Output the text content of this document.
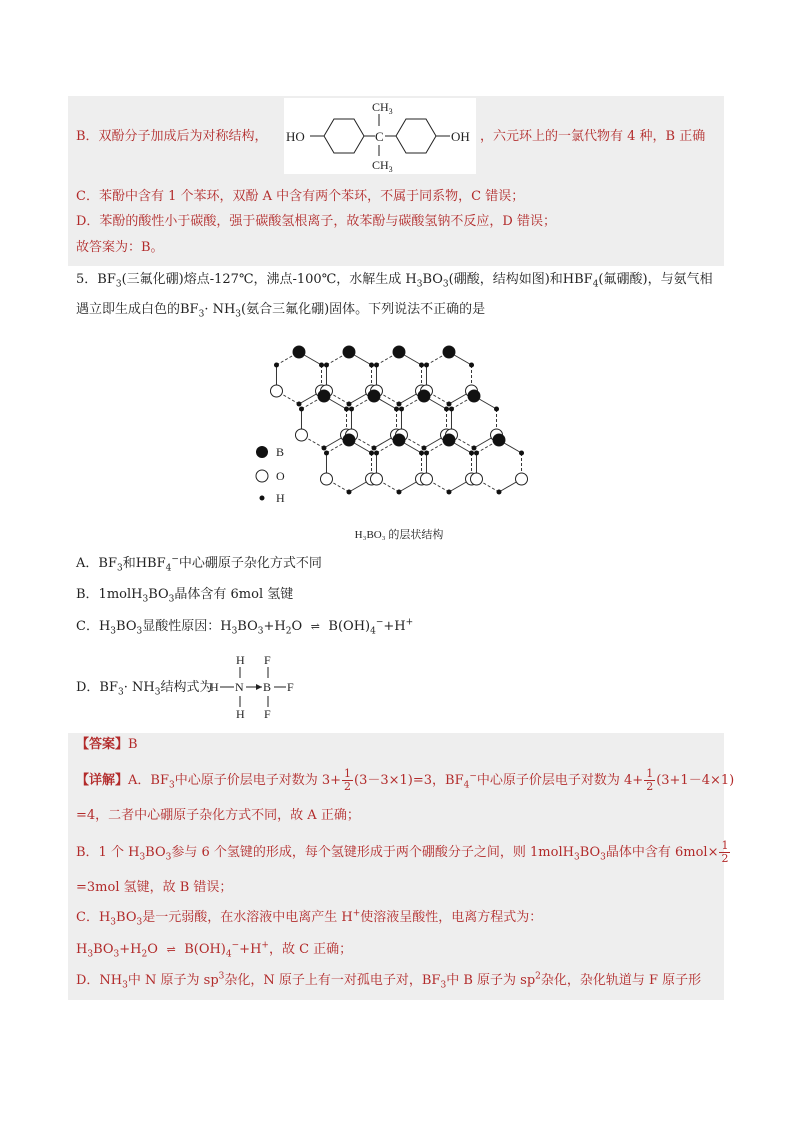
B．双酚分子加成后为对称结构， HO	C
$CH_3$
$CH_3$
OH ，六元环上的一氯代物有 4 种，B 正确
C．苯酚中含有 1 个苯环，双酚 A 中含有两个苯环，不属于同系物，C 错误；
D．苯酚的酸性小于碳酸，强于碳酸氢根离子，故苯酚与碳酸氢钠不反应，D 错误；
故答案为：B。
5．$BF_3$(三氟化硼)熔点-127℃，沸点-100℃，水解生成 $H_3BO_3$(硼酸，结构如图)和$HBF_4$(氟硼酸)，与氨气相
遇立即生成白色的$BF_3\cdot NH_3$(氨合三氟化硼)固体。下列说法不正确的是
B
O
H
H₃BO₃ 的层状结构
A．$BF_3$和$HBF_4^-$中心硼原子杂化方式不同
B．$1molH_3BO_3$晶体含有 6mol 氢键
C．$H_3BO_3$显酸性原因：$H_3BO_3+H_2O$ ⇌ $B(OH)_4^-+H^+$
D．$BF_3\cdot NH_3$结构式为
H
H N B F
F
H F
【答案】B
【详解】A．$BF_3$中心原子价层电子对数为 $3+ \frac{1}{2} (3-3\times 1)=3$，$BF_4^-$中心原子价层电子对数为 $4+ \frac{1}{2} (3+1-4\times 1)$
=4，二者中心硼原子杂化方式不同，故 A 正确；
B．1 个 $H_3BO_3$参与 6 个氢键的形成，每个氢键形成于两个硼酸分子之间，则 $1molH_3BO_3$晶体中含有 $6mol\times \frac{1}{2}$
=3mol 氢键，故 B 错误；
C．$H_3BO_3$是一元弱酸，在水溶液中电离产生 H+使溶液呈酸性，电离方程式为：
$H_3BO_3+H_2O$ ⇌ $B(OH)_4^-+H^+$，故 C 正确；
D．$NH_3$中 N 原子为 $sp^3$杂化，N 原子上有一对孤电子对，$BF_3$中 B 原子为 $sp^2$杂化，杂化轨道与 F 原子形
